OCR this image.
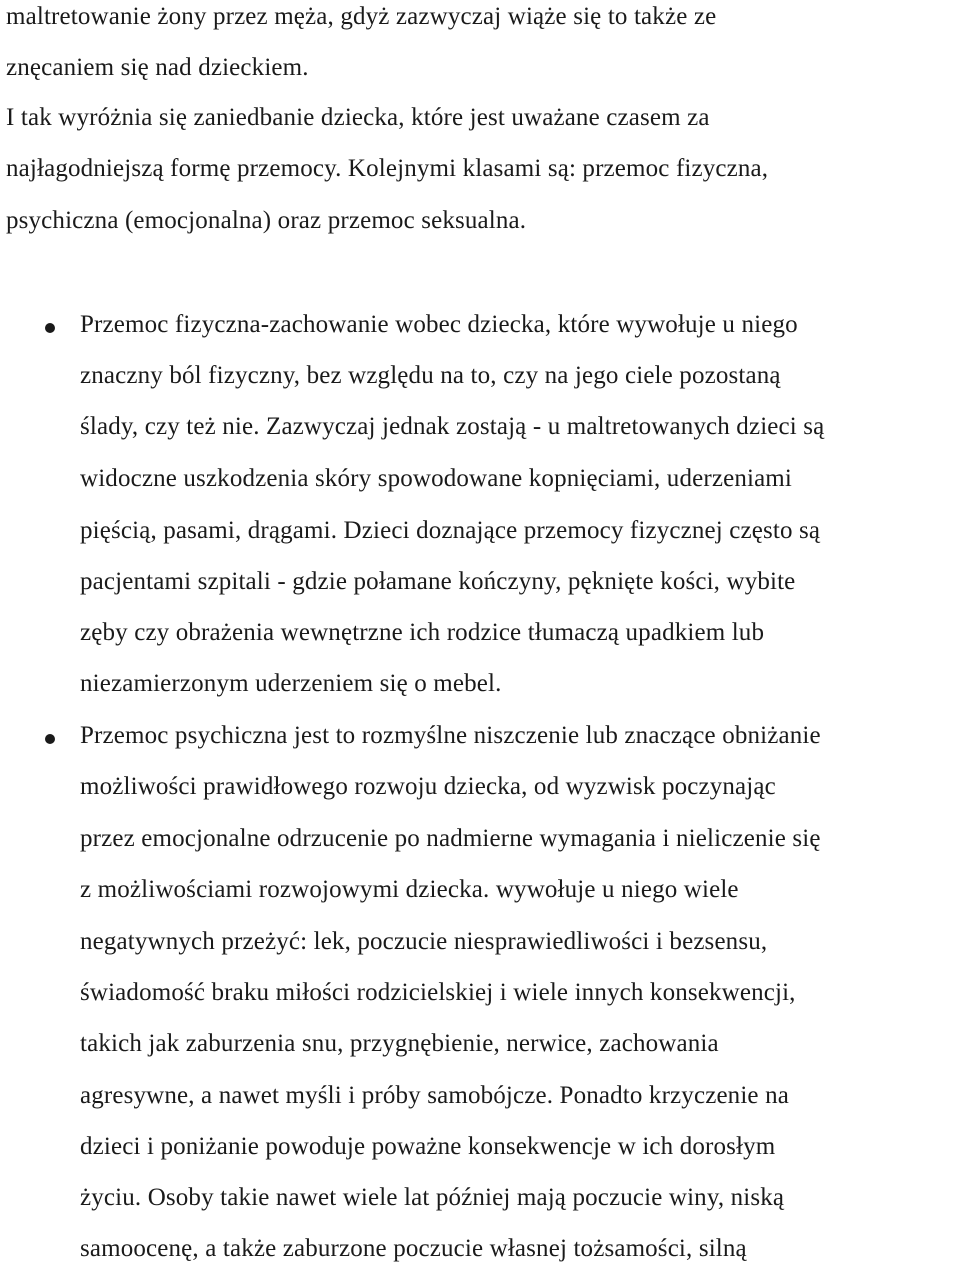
maltretowanie żony przez męża, gdyż zazwyczaj wiąże się to także ze
znęcaniem się nad dzieckiem.
I tak wyróżnia się zaniedbanie dziecka, które jest uważane czasem za
najłagodniejszą formę przemocy. Kolejnymi klasami są: przemoc fizyczna,
psychiczna (emocjonalna) oraz przemoc seksualna.
Przemoc fizyczna-zachowanie wobec dziecka, które wywołuje u niego
znaczny ból fizyczny, bez względu na to, czy na jego ciele pozostaną
ślady, czy też nie. Zazwyczaj jednak zostają - u maltretowanych dzieci są
widoczne uszkodzenia skóry spowodowane kopnięciami, uderzeniami
pięścią, pasami, drągami. Dzieci doznające przemocy fizycznej często są
pacjentami szpitali - gdzie połamane kończyny, pęknięte kości, wybite
zęby czy obrażenia wewnętrzne ich rodzice tłumaczą upadkiem lub
niezamierzonym uderzeniem się o mebel.
Przemoc psychiczna jest to rozmyślne niszczenie lub znaczące obniżanie
możliwości prawidłowego rozwoju dziecka, od wyzwisk poczynając
przez emocjonalne odrzucenie po nadmierne wymagania i nieliczenie się
z możliwościami rozwojowymi dziecka. wywołuje u niego wiele
negatywnych przeżyć: lek, poczucie niesprawiedliwości i bezsensu,
świadomość braku miłości rodzicielskiej i wiele innych konsekwencji,
takich jak zaburzenia snu, przygnębienie, nerwice, zachowania
agresywne, a nawet myśli i próby samobójcze. Ponadto krzyczenie na
dzieci i poniżanie powoduje poważne konsekwencje w ich dorosłym
życiu. Osoby takie nawet wiele lat później mają poczucie winy, niską
samoocenę, a także zaburzone poczucie własnej tożsamości, silną
